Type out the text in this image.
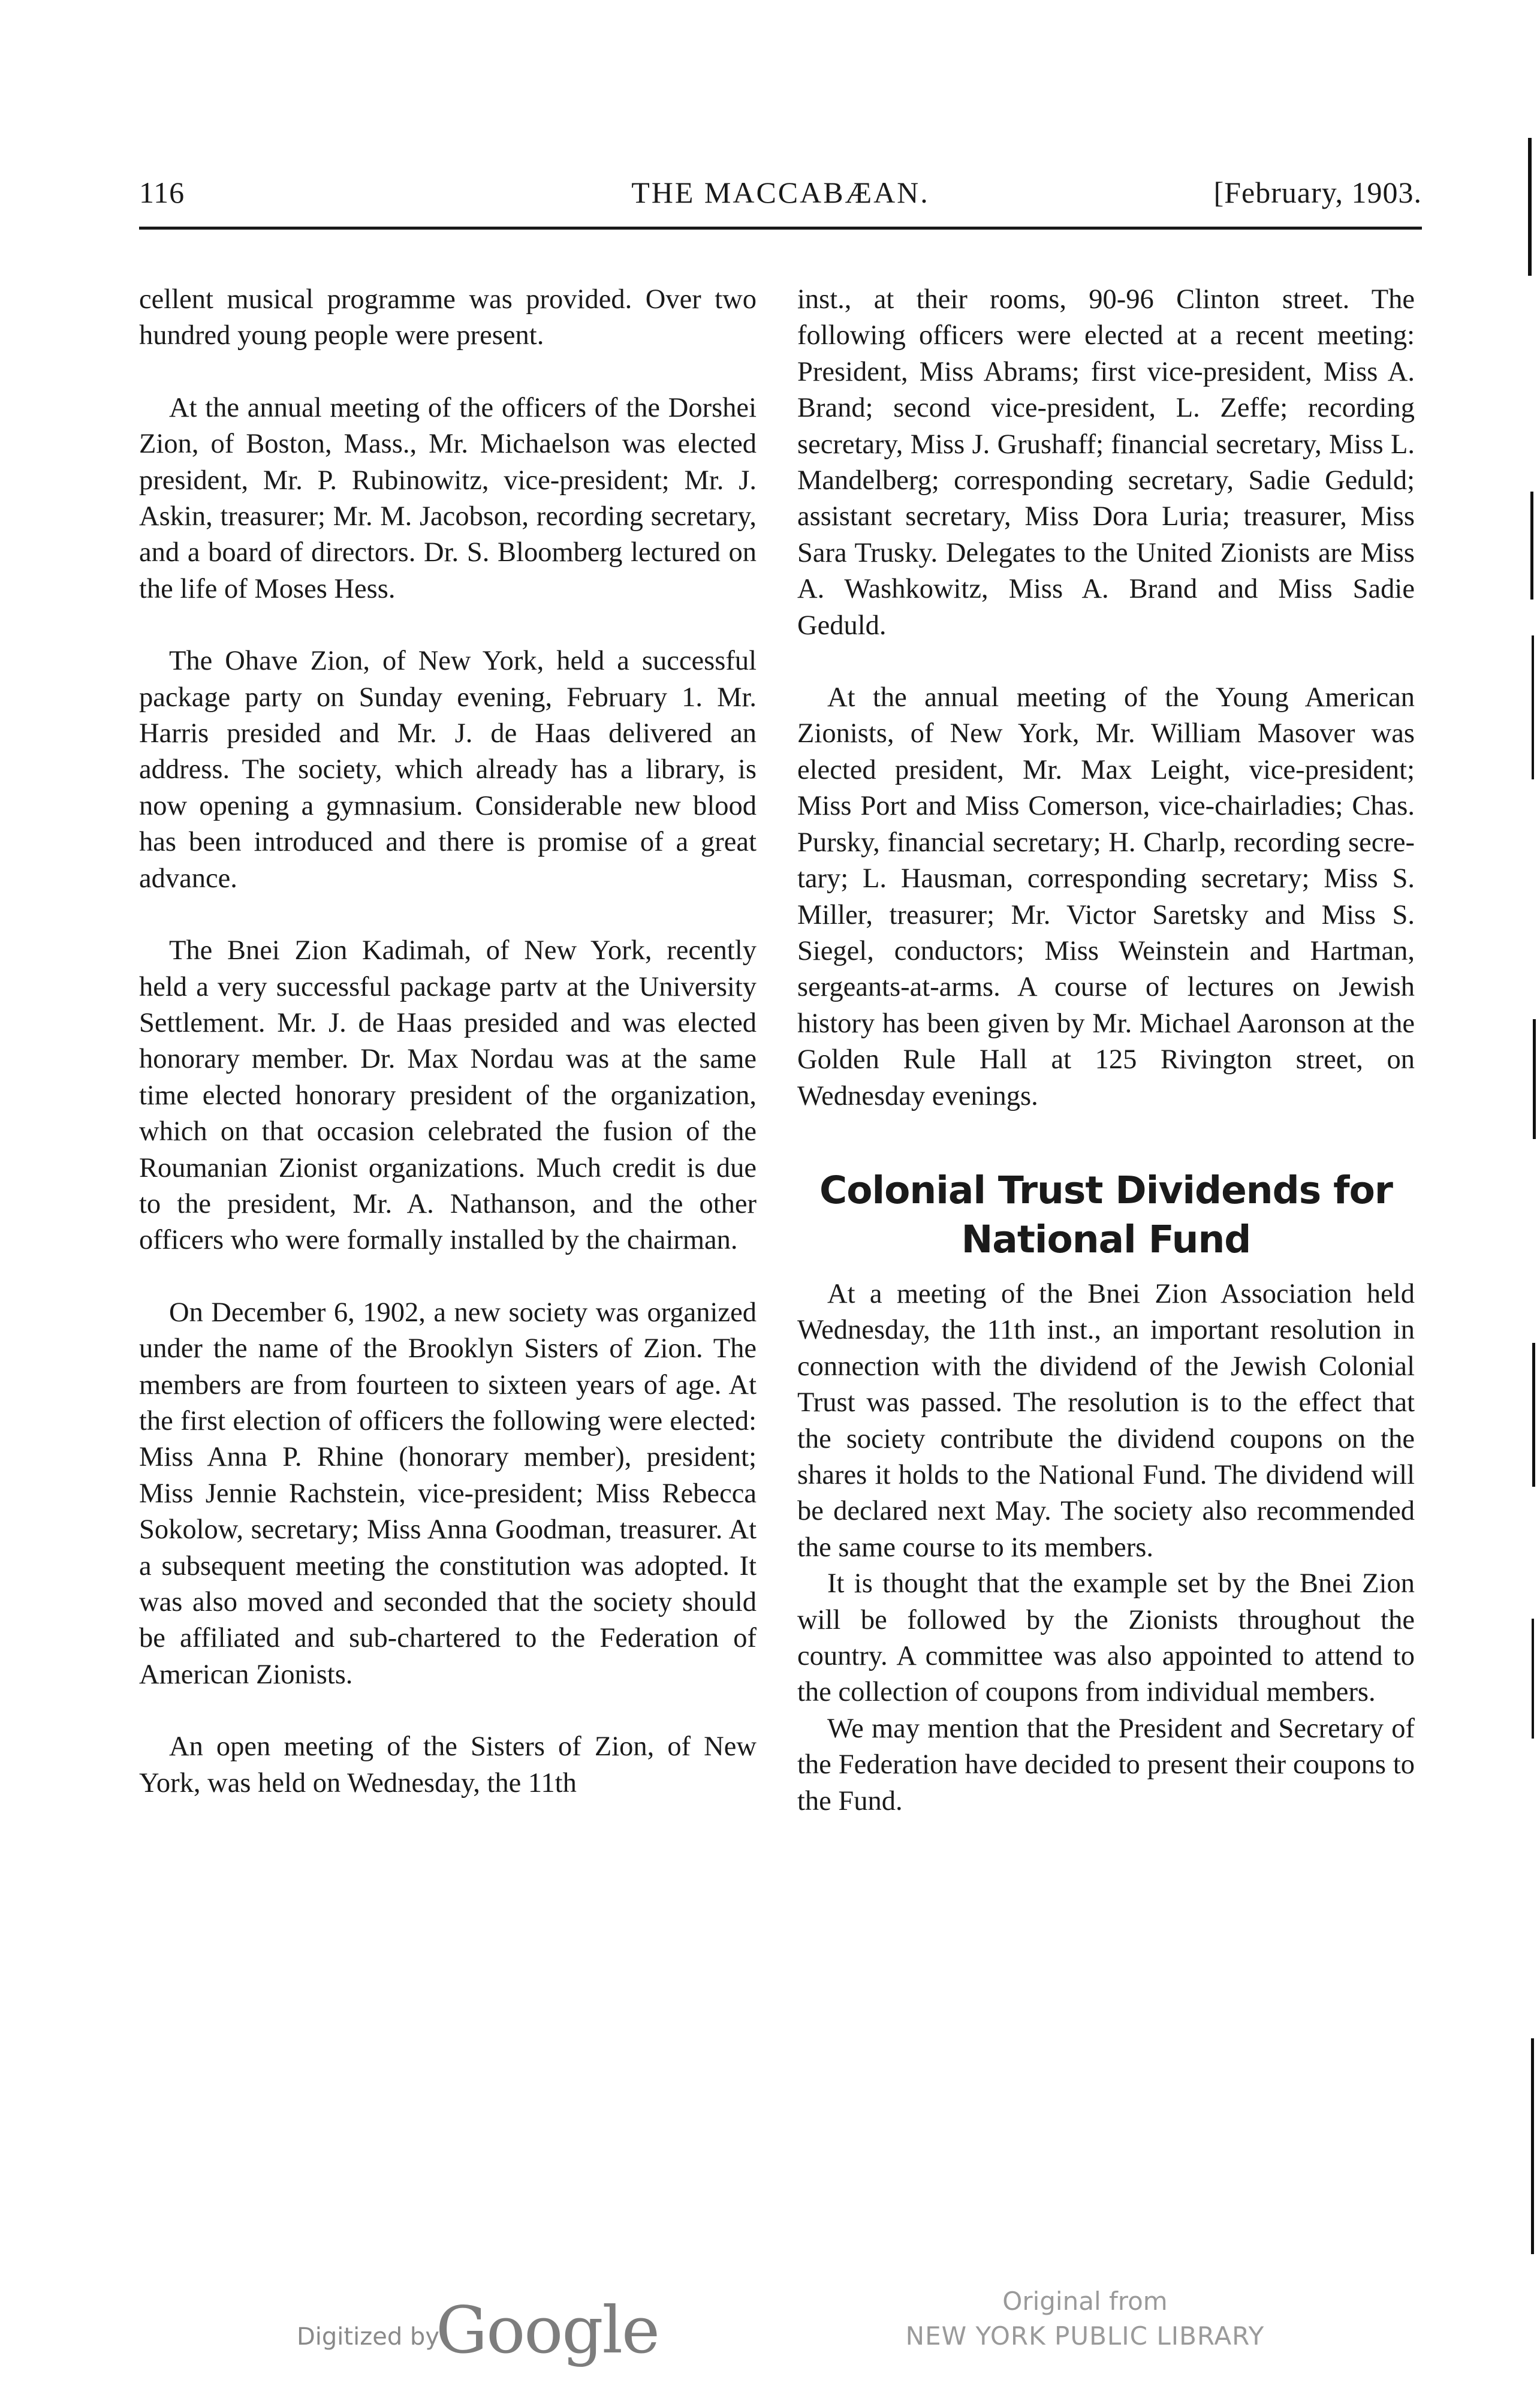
116	THE MACCABÆAN.	[February, 1903.

cellent musical programme was provided. Over two hundred young people were present.

At the annual meeting of the officers of the Dorshei Zion, of Boston, Mass., Mr. Michaelson was elected president, Mr. P. Rubinowitz, vice-president; Mr. J. Askin, treasurer; Mr. M. Jacobson, recording secretary, and a board of directors. Dr. S. Bloomberg lectured on the life of Moses Hess.

The Ohave Zion, of New York, held a successful package party on Sunday evening, February 1. Mr. Harris presided and Mr. J. de Haas delivered an address. The society, which already has a library, is now opening a gymnasium. Considerable new blood has been introduced and there is promise of a great advance.

The Bnei Zion Kadimah, of New York, recently held a very successful package partv at the University Settlement. Mr. J. de Haas presided and was elected honorary member. Dr. Max Nordau was at the same time elected honorary president of the organization, which on that occasion celebrated the fusion of the Roumanian Zionist organizations. Much credit is due to the president, Mr. A. Nathanson, and the other officers who were formally installed by the chairman.

On December 6, 1902, a new society was organized under the name of the Brooklyn Sisters of Zion. The members are from fourteen to sixteen years of age. At the first election of officers the following were elected: Miss Anna P. Rhine (honorary member), president; Miss Jennie Rachstein, vice-president; Miss Rebecca Sokolow, secretary; Miss Anna Goodman, treasurer. At a subsequent meeting the constitution was adopted. It was also moved and seconded that the society should be affiliated and sub-chartered to the Federation of American Zionists.

An open meeting of the Sisters of Zion, of New York, was held on Wednesday, the 11th

inst., at their rooms, 90-96 Clinton street. The following officers were elected at a recent meeting: President, Miss Abrams; first vice-president, Miss A. Brand; second vice-president, L. Zeffe; recording secretary, Miss J. Grushaff; financial secretary, Miss L. Mandelberg; corresponding secretary, Sadie Geduld; assistant secretary, Miss Dora Luria; treasurer, Miss Sara Trusky. Delegates to the United Zionists are Miss A. Washkowitz, Miss A. Brand and Miss Sadie Geduld.

At the annual meeting of the Young American Zionists, of New York, Mr. William Masover was elected president, Mr. Max Leight, vice-president; Miss Port and Miss Comerson, vice-chairladies; Chas. Pursky, financial secretary; H. Charlp, recording secretary; L. Hausman, corresponding secretary; Miss S. Miller, treasurer; Mr. Victor Saretsky and Miss S. Siegel, conductors; Miss Weinstein and Hartman, sergeants-at-arms. A course of lectures on Jewish history has been given by Mr. Michael Aaronson at the Golden Rule Hall at 125 Rivington street, on Wednesday evenings.

Colonial Trust Dividends for
National Fund

At a meeting of the Bnei Zion Association held Wednesday, the 11th inst., an important resolution in connection with the dividend of the Jewish Colonial Trust was passed. The resolution is to the effect that the society contribute the dividend coupons on the shares it holds to the National Fund. The dividend will be declared next May. The society also recommended the same course to its members.

It is thought that the example set by the Bnei Zion will be followed by the Zionists throughout the country. A committee was also appointed to attend to the collection of coupons from individual members.

We may mention that the President and Secretary of the Federation have decided to present their coupons to the Fund.

Digitized by
Google	Original from
NEW YORK PUBLIC LIBRARY
